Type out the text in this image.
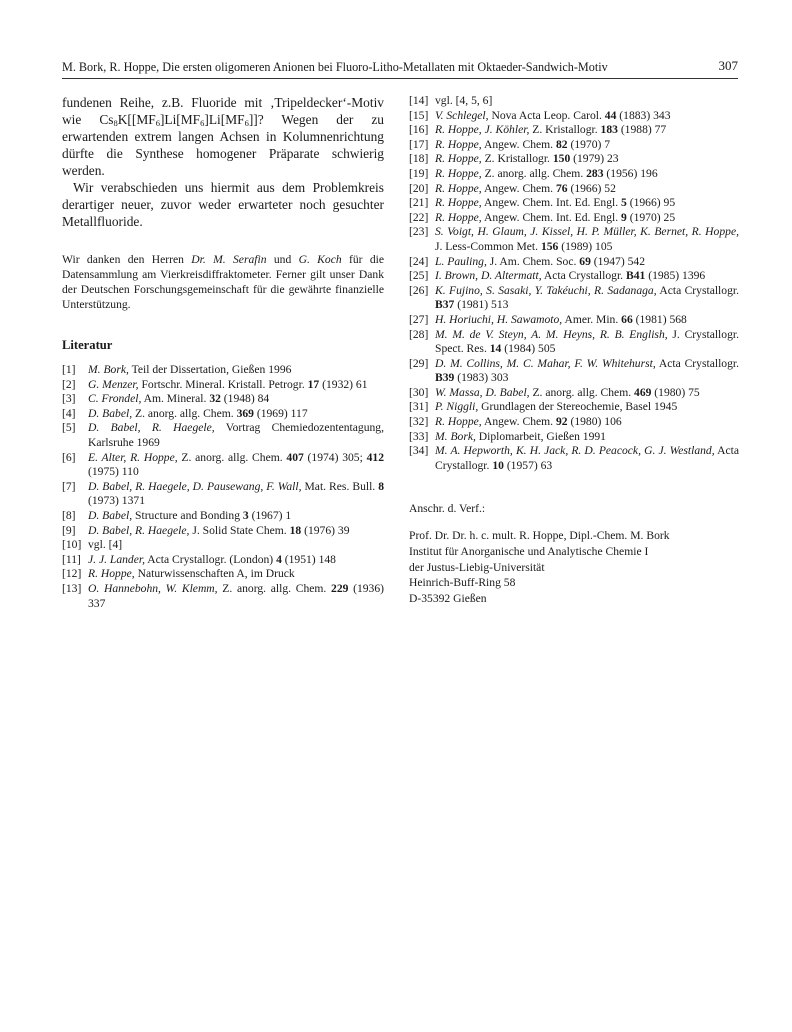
M. Bork, R. Hoppe, Die ersten oligomeren Anionen bei Fluoro-Litho-Metallaten mit Oktaeder-Sandwich-Motiv	307

fundenen Reihe, z.B. Fluoride mit ‚Tripeldecker‘-Motiv wie $Cs_8K[[MF_6]Li[MF_6]Li[MF_6]]$? Wegen der zu erwartenden extrem langen Achsen in Kolumnenrichtung dürfte die Synthese homogener Präparate schwierig werden.

Wir verabschieden uns hiermit aus dem Problemkreis derartiger neuer, zuvor weder erwarteter noch gesuchter Metallfluoride.

Wir danken den Herren Dr. M. Serafin und G. Koch für die Datensammlung am Vierkreisdiffraktometer. Ferner gilt unser Dank der Deutschen Forschungsgemeinschaft für die gewährte finanzielle Unterstützung.

Literatur
[1] M. Bork, Teil der Dissertation, Gießen 1996
[2] G. Menzer, Fortschr. Mineral. Kristall. Petrogr. 17 (1932) 61
[3] C. Frondel, Am. Mineral. 32 (1948) 84
[4] D. Babel, Z. anorg. allg. Chem. 369 (1969) 117
[5] D. Babel, R. Haegele, Vortrag Chemiedozententagung, Karlsruhe 1969
[6] E. Alter, R. Hoppe, Z. anorg. allg. Chem. 407 (1974) 305; 412 (1975) 110
[7] D. Babel, R. Haegele, D. Pausewang, F. Wall, Mat. Res. Bull. 8 (1973) 1371
[8] D. Babel, Structure and Bonding 3 (1967) 1
[9] D. Babel, R. Haegele, J. Solid State Chem. 18 (1976) 39
[10] vgl. [4]
[11] J. J. Lander, Acta Crystallogr. (London) 4 (1951) 148
[12] R. Hoppe, Naturwissenschaften A, im Druck
[13] O. Hannebohn, W. Klemm, Z. anorg. allg. Chem. 229 (1936) 337
[14] vgl. [4, 5, 6]
[15] V. Schlegel, Nova Acta Leop. Carol. 44 (1883) 343
[16] R. Hoppe, J. Köhler, Z. Kristallogr. 183 (1988) 77
[17] R. Hoppe, Angew. Chem. 82 (1970) 7
[18] R. Hoppe, Z. Kristallogr. 150 (1979) 23
[19] R. Hoppe, Z. anorg. allg. Chem. 283 (1956) 196
[20] R. Hoppe, Angew. Chem. 76 (1966) 52
[21] R. Hoppe, Angew. Chem. Int. Ed. Engl. 5 (1966) 95
[22] R. Hoppe, Angew. Chem. Int. Ed. Engl. 9 (1970) 25
[23] S. Voigt, H. Glaum, J. Kissel, H. P. Müller, K. Bernet, R. Hoppe, J. Less-Common Met. 156 (1989) 105
[24] L. Pauling, J. Am. Chem. Soc. 69 (1947) 542
[25] I. Brown, D. Altermatt, Acta Crystallogr. B41 (1985) 1396
[26] K. Fujino, S. Sasaki, Y. Takéuchi, R. Sadanaga, Acta Crystallogr. B37 (1981) 513
[27] H. Horiuchi, H. Sawamoto, Amer. Min. 66 (1981) 568
[28] M. M. de V. Steyn, A. M. Heyns, R. B. English, J. Crystallogr. Spect. Res. 14 (1984) 505
[29] D. M. Collins, M. C. Mahar, F. W. Whitehurst, Acta Crystallogr. B39 (1983) 303
[30] W. Massa, D. Babel, Z. anorg. allg. Chem. 469 (1980) 75
[31] P. Niggli, Grundlagen der Stereochemie, Basel 1945
[32] R. Hoppe, Angew. Chem. 92 (1980) 106
[33] M. Bork, Diplomarbeit, Gießen 1991
[34] M. A. Hepworth, K. H. Jack, R. D. Peacock, G. J. Westland, Acta Crystallogr. 10 (1957) 63
Anschr. d. Verf.:
Prof. Dr. Dr. h. c. mult. R. Hoppe, Dipl.-Chem. M. Bork
Institut für Anorganische und Analytische Chemie I
der Justus-Liebig-Universität
Heinrich-Buff-Ring 58
D-35392 Gießen
